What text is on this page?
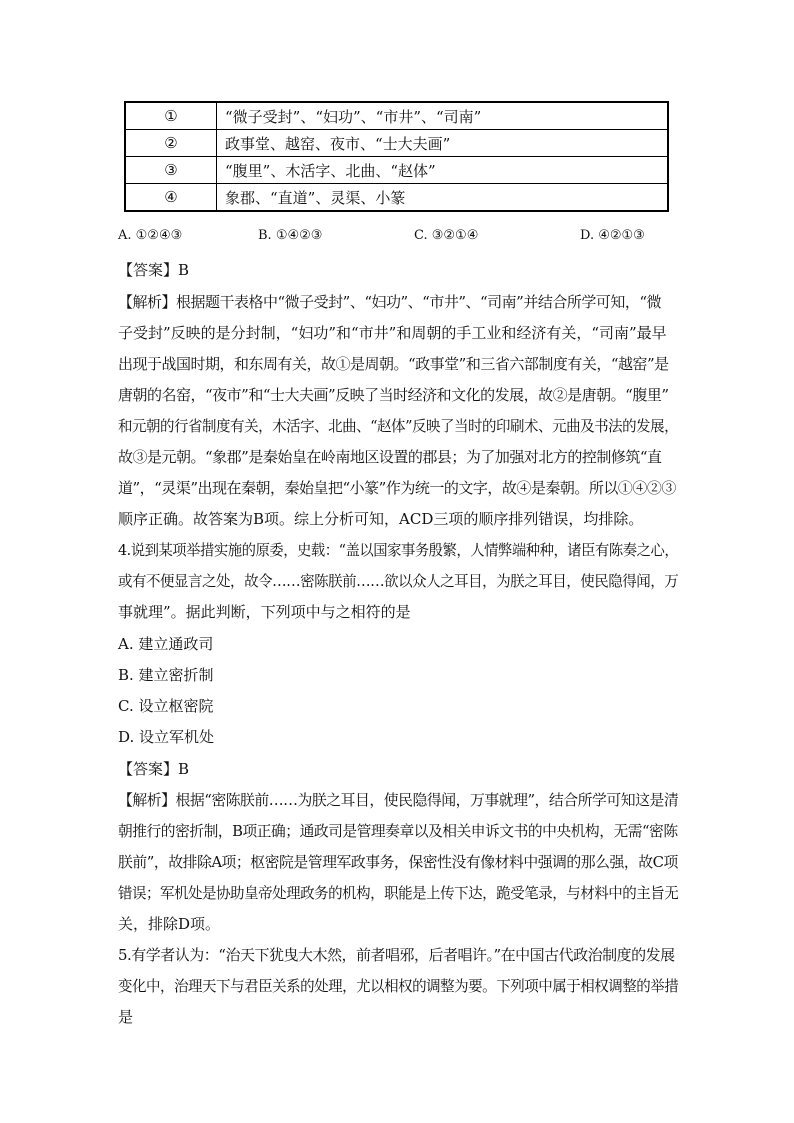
①	“微子受封”、“妇功”、“市井”、“司南”
②	政事堂、越窑、夜市、“士大夫画”
③	“腹里”、木活字、北曲、“赵体”
④	象郡、“直道”、灵渠、小篆
A. ①②④③	B. ①④②③	C. ③②①④	D. ④②①③
【答案】B
【解析】根据题干表格中“微子受封”、“妇功”、“市井”、“司南”并结合所学可知，“微
子受封”反映的是分封制，“妇功”和“市井”和周朝的手工业和经济有关，“司南”最早
出现于战国时期，和东周有关，故①是周朝。“政事堂”和三省六部制度有关，“越窑”是
唐朝的名窑，“夜市”和“士大夫画”反映了当时经济和文化的发展，故②是唐朝。“腹里”
和元朝的行省制度有关，木活字、北曲、“赵体”反映了当时的印刷术、元曲及书法的发展，
故③是元朝。“象郡”是秦始皇在岭南地区设置的郡县；为了加强对北方的控制修筑“直
道”，“灵渠”出现在秦朝，秦始皇把“小篆”作为统一的文字，故④是秦朝。所以①④②③
顺序正确。故答案为B项。综上分析可知，ACD三项的顺序排列错误，均排除。
4.说到某项举措实施的原委，史载：“盖以国家事务殷繁，人情弊端种种，诸臣有陈奏之心，
或有不便显言之处，故令……密陈朕前……欲以众人之耳目，为朕之耳目，使民隐得闻，万
事就理”。据此判断，下列项中与之相符的是
A. 建立通政司
B. 建立密折制
C. 设立枢密院
D. 设立军机处
【答案】B
【解析】根据“密陈朕前……为朕之耳目，使民隐得闻，万事就理”，结合所学可知这是清
朝推行的密折制，B项正确；通政司是管理奏章以及相关申诉文书的中央机构，无需“密陈
朕前”，故排除A项；枢密院是管理军政事务，保密性没有像材料中强调的那么强，故C项
错误；军机处是协助皇帝处理政务的机构，职能是上传下达，跪受笔录，与材料中的主旨无
关，排除D项。
5.有学者认为：“治天下犹曳大木然，前者唱邪，后者唱许。”在中国古代政治制度的发展
变化中，治理天下与君臣关系的处理，尤以相权的调整为要。下列项中属于相权调整的举措
是
